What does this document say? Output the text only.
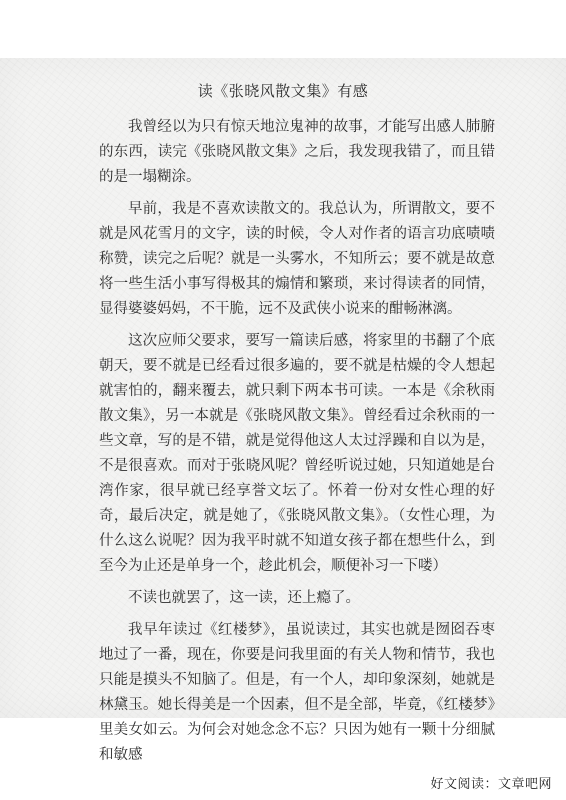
读《张晓风散文集》有感

我曾经以为只有惊天地泣鬼神的故事，才能写出感人肺腑的东西，读完《张晓风散文集》之后，我发现我错了，而且错的是一塌糊涂。

早前，我是不喜欢读散文的。我总认为，所谓散文，要不就是风花雪月的文字，读的时候，令人对作者的语言功底啧啧称赞，读完之后呢？就是一头雾水，不知所云；要不就是故意将一些生活小事写得极其的煽情和繁琐，来讨得读者的同情，显得婆婆妈妈，不干脆，远不及武侠小说来的酣畅淋漓。

这次应师父要求，要写一篇读后感，将家里的书翻了个底朝天，要不就是已经看过很多遍的，要不就是枯燥的令人想起就害怕的，翻来覆去，就只剩下两本书可读。一本是《余秋雨散文集》，另一本就是《张晓风散文集》。曾经看过余秋雨的一些文章，写的是不错，就是觉得他这人太过浮躁和自以为是，不是很喜欢。而对于张晓风呢？曾经听说过她，只知道她是台湾作家，很早就已经享誉文坛了。怀着一份对女性心理的好奇，最后决定，就是她了，《张晓风散文集》。（女性心理，为什么这么说呢？因为我平时就不知道女孩子都在想些什么，到至今为止还是单身一个，趁此机会，顺便补习一下喽）

不读也就罢了，这一读，还上瘾了。

我早年读过《红楼梦》，虽说读过，其实也就是囫囵吞枣地过了一番，现在，你要是问我里面的有关人物和情节，我也只能是摸头不知脑了。但是，有一个人，却印象深刻，她就是林黛玉。她长得美是一个因素，但不是全部，毕竟，《红楼梦》里美女如云。为何会对她念念不忘？只因为她有一颗十分细腻和敏感

好文阅读：文章吧网
